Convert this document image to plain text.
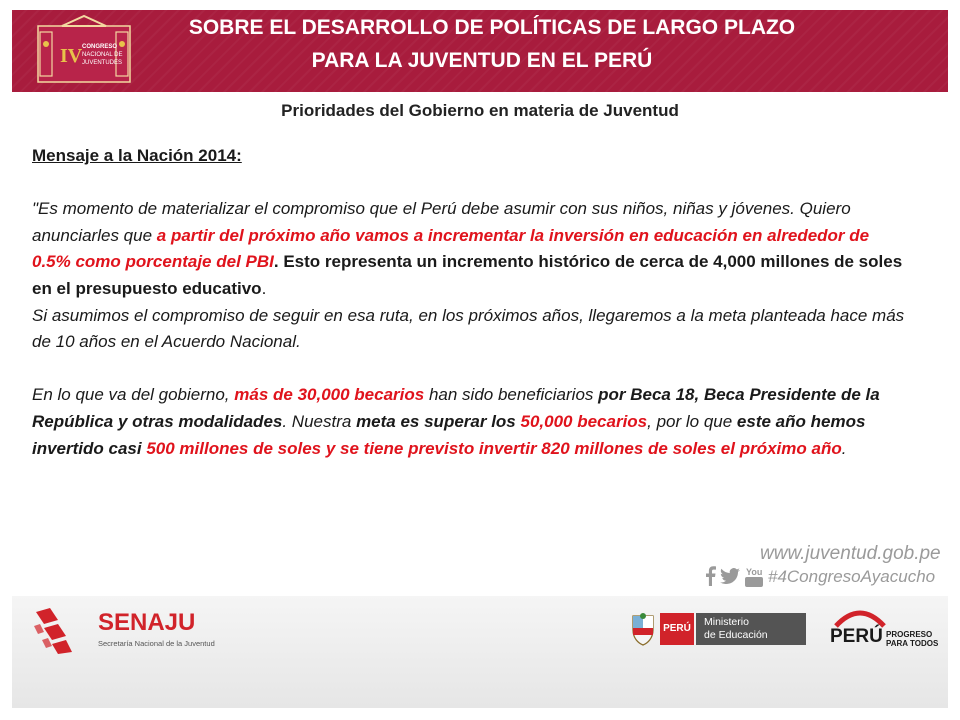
IV CONGRESO
NACIONAL DE
JUVENTUDES
SOBRE EL DESARROLLO DE POLÍTICAS DE LARGO PLAZO
PARA LA JUVENTUD EN EL PERÚ
Prioridades del Gobierno en materia de Juventud

Mensaje a la Nación 2014:

"Es momento de materializar el compromiso que el Perú debe asumir con sus niños, niñas y jóvenes. Quiero anunciarles que a partir del próximo año vamos a incrementar la inversión en educación en alrededor de 0.5% como porcentaje del PBI. Esto representa un incremento histórico de cerca de 4,000 millones de soles en el presupuesto educativo.

Si asumimos el compromiso de seguir en esa ruta, en los próximos años, llegaremos a la meta planteada hace más de 10 años en el Acuerdo Nacional.

En lo que va del gobierno, más de 30,000 becarios han sido beneficiarios por Beca 18, Beca Presidente de la República y otras modalidades. Nuestra meta es superar los 50,000 becarios, por lo que este año hemos invertido casi 500 millones de soles y se tiene previsto invertir 820 millones de soles el próximo año.

www.juventud.gob.pe
You #4CongresoAyacucho
SENAJU
Secretaría Nacional de la Juventud
PERÚ
Ministerio
de Educación	PERÚ PROGRESO
PARA TODOS
